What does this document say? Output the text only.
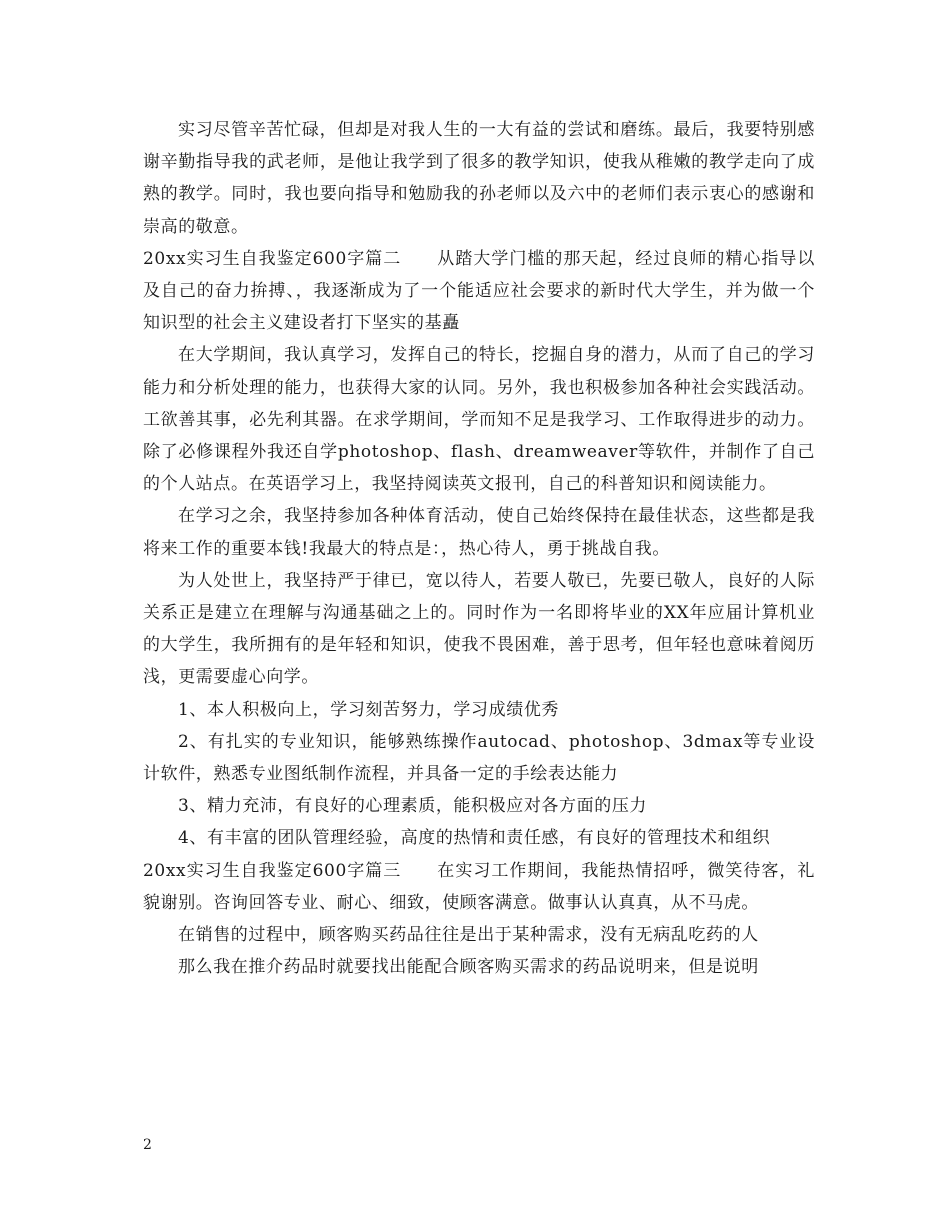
实习尽管辛苦忙碌，但却是对我人生的一大有益的尝试和磨练。最后，我要特别感谢辛勤指导我的武老师，是他让我学到了很多的教学知识，使我从稚嫩的教学走向了成熟的教学。同时，我也要向指导和勉励我的孙老师以及六中的老师们表示衷心的感谢和崇高的敬意。

20xx实习生自我鉴定600字篇二　　从踏大学门槛的那天起，经过良师的精心指导以及自己的奋力拚搏、，我逐渐成为了一个能适应社会要求的新时代大学生，并为做一个知识型的社会主义建设者打下坚实的基矗

在大学期间，我认真学习，发挥自己的特长，挖掘自身的潜力，从而了自己的学习能力和分析处理的能力，也获得大家的认同。另外，我也积极参加各种社会实践活动。工欲善其事，必先利其器。在求学期间，学而知不足是我学习、工作取得进步的动力。除了必修课程外我还自学photoshop、flash、dreamweaver等软件，并制作了自己的个人站点。在英语学习上，我坚持阅读英文报刊，自己的科普知识和阅读能力。

在学习之余，我坚持参加各种体育活动，使自己始终保持在最佳状态，这些都是我将来工作的重要本钱!我最大的特点是：，热心待人，勇于挑战自我。

为人处世上，我坚持严于律已，宽以待人，若要人敬已，先要已敬人，良好的人际关系正是建立在理解与沟通基础之上的。同时作为一名即将毕业的XX年应届计算机业的大学生，我所拥有的是年轻和知识，使我不畏困难，善于思考，但年轻也意味着阅历浅，更需要虚心向学。

1、本人积极向上，学习刻苦努力，学习成绩优秀

2、有扎实的专业知识，能够熟练操作autocad、photoshop、3dmax等专业设计软件，熟悉专业图纸制作流程，并具备一定的手绘表达能力

3、精力充沛，有良好的心理素质，能积极应对各方面的压力

4、有丰富的团队管理经验，高度的热情和责任感，有良好的管理技术和组织

20xx实习生自我鉴定600字篇三　　在实习工作期间，我能热情招呼，微笑待客，礼貌谢别。咨询回答专业、耐心、细致，使顾客满意。做事认认真真，从不马虎。

在销售的过程中，顾客购买药品往往是出于某种需求，没有无病乱吃药的人

那么我在推介药品时就要找出能配合顾客购买需求的药品说明来，但是说明

2
